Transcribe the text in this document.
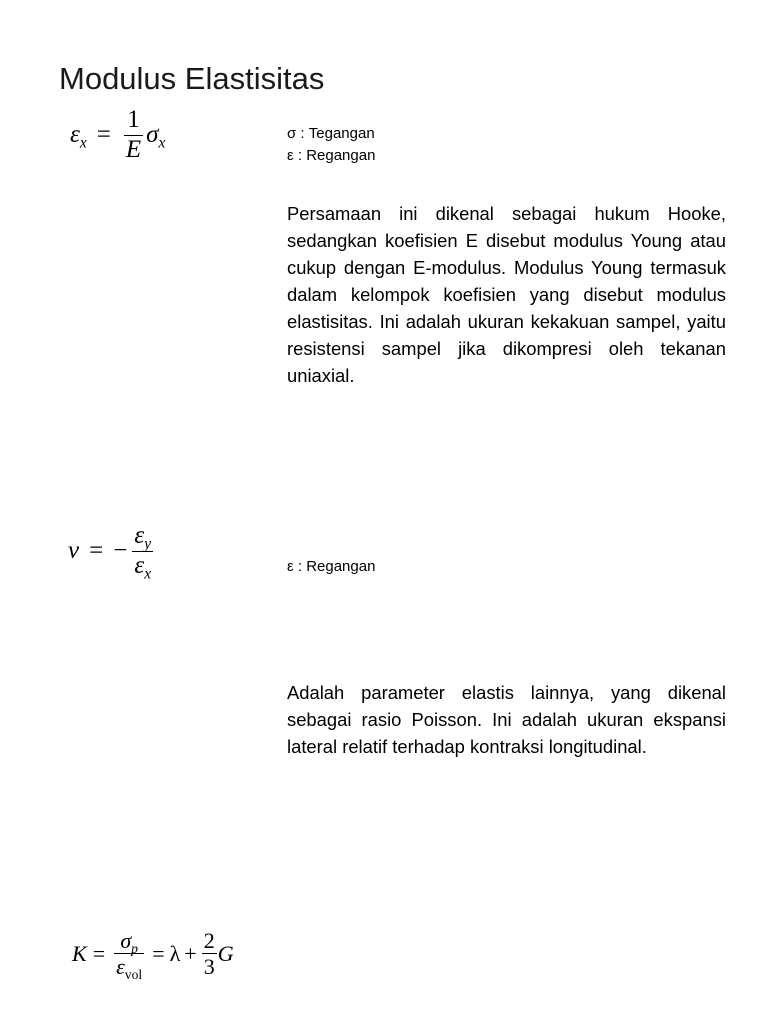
Modulus Elastisitas
$\varepsilon_x = \frac{1}{E} \sigma_x$
σ : Tegangan
ε : Regangan

Persamaan ini dikenal sebagai hukum Hooke, sedangkan koefisien E disebut modulus Young atau cukup dengan E-modulus. Modulus Young termasuk dalam kelompok koefisien yang disebut modulus elastisitas. Ini adalah ukuran kekakuan sampel, yaitu resistensi sampel jika dikompresi oleh tekanan uniaxial.

ν = − $\frac{\varepsilon_y}{\varepsilon_x}$	ε : Regangan

Adalah parameter elastis lainnya, yang dikenal sebagai rasio Poisson. Ini adalah ukuran ekspansi lateral relatif terhadap kontraksi longitudinal.

$K = \frac{\sigma_p}{\varepsilon_{vol}} = \lambda + \frac{2}{3}$ G
